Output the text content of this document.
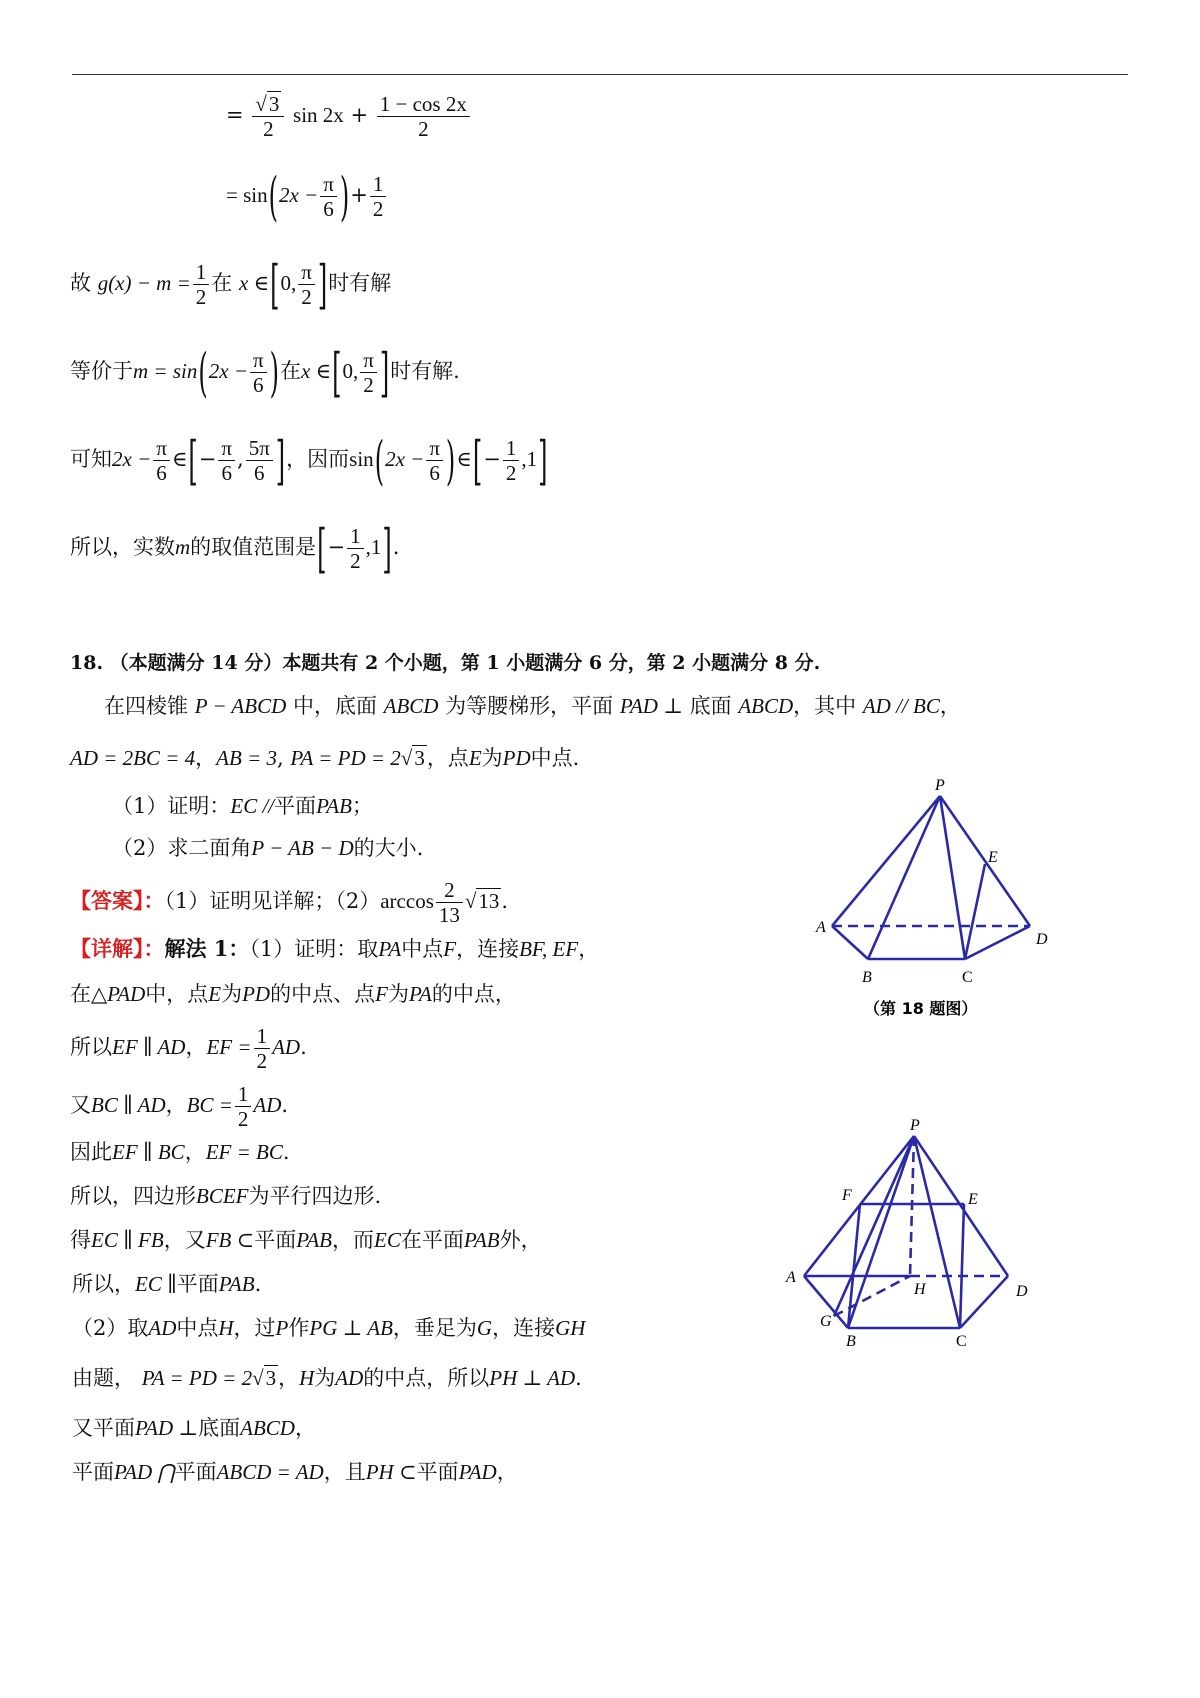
= $\frac{√3}{2}$ $\sin 2x + \frac{1 - \cos 2x}{2}$
= $\sin(2x - \frac{\pi}{6}$ )+ $\frac{1}{2}$
故 $g(x) - m = \frac{1}{2}$ 在 x ∈[0, $\frac{\pi}{2}$ ]时有解
等价于$m = \sin(2x - \frac{\pi}{6}$ )在x ∈[0, $\frac{\pi}{2}$ ]时有解.
可知$2x - \frac{\pi}{6}$ ∈[− $\frac{\pi}{6}$ , $\frac{5\pi}{6}$ ]，因而$\sin(2x - \frac{\pi}{6}$ )∈[− $\frac{1}{2} ,1$]
所以，实数m的取值范围是[− $\frac{1}{2} ,1$].
18. （本题满分 14 分）本题共有 2 个小题，第 1 小题满分 6 分，第 2 小题满分 8 分.
在四棱锥 P − ABCD 中，底面 ABCD 为等腰梯形，平面 PAD ⊥ 底面 ABCD，其中 AD // BC，
AD = 2BC = 4，AB = 3, PA = PD = 2√3，点E为PD中点.
（1）证明：EC //平面PAB；
（2）求二面角P − AB − D的大小.
【答案】：（1）证明见详解；$(2)\arccos \frac{2}{13} √13$.
【详解】：解法 1：（1）证明：取PA中点F，连接BF, EF，
在△PAD中，点E为PD的中点、点F为PA的中点，
所以EF ∥ AD，EF = $\frac{1}{2}$ AD.
又BC ∥ AD，BC = $\frac{1}{2}$ AD.
因此EF ∥ BC，EF = BC.
所以，四边形BCEF为平行四边形.
得EC ∥ FB，又FB ⊂平面PAB，而EC在平面PAB外，
所以，EC ∥平面PAB.
（2）取AD中点H，过P作PG ⊥ AB，垂足为G，连接GH
由题， PA = PD = 2√3，H为AD的中点，所以PH ⊥ AD.
又平面PAD ⊥底面ABCD，
平面PAD ⋂平面ABCD = AD，且PH ⊂平面PAD，
P
E
A
D
B	C
（第 18 题图）
P
F	E
A
H	D
G
B	C
